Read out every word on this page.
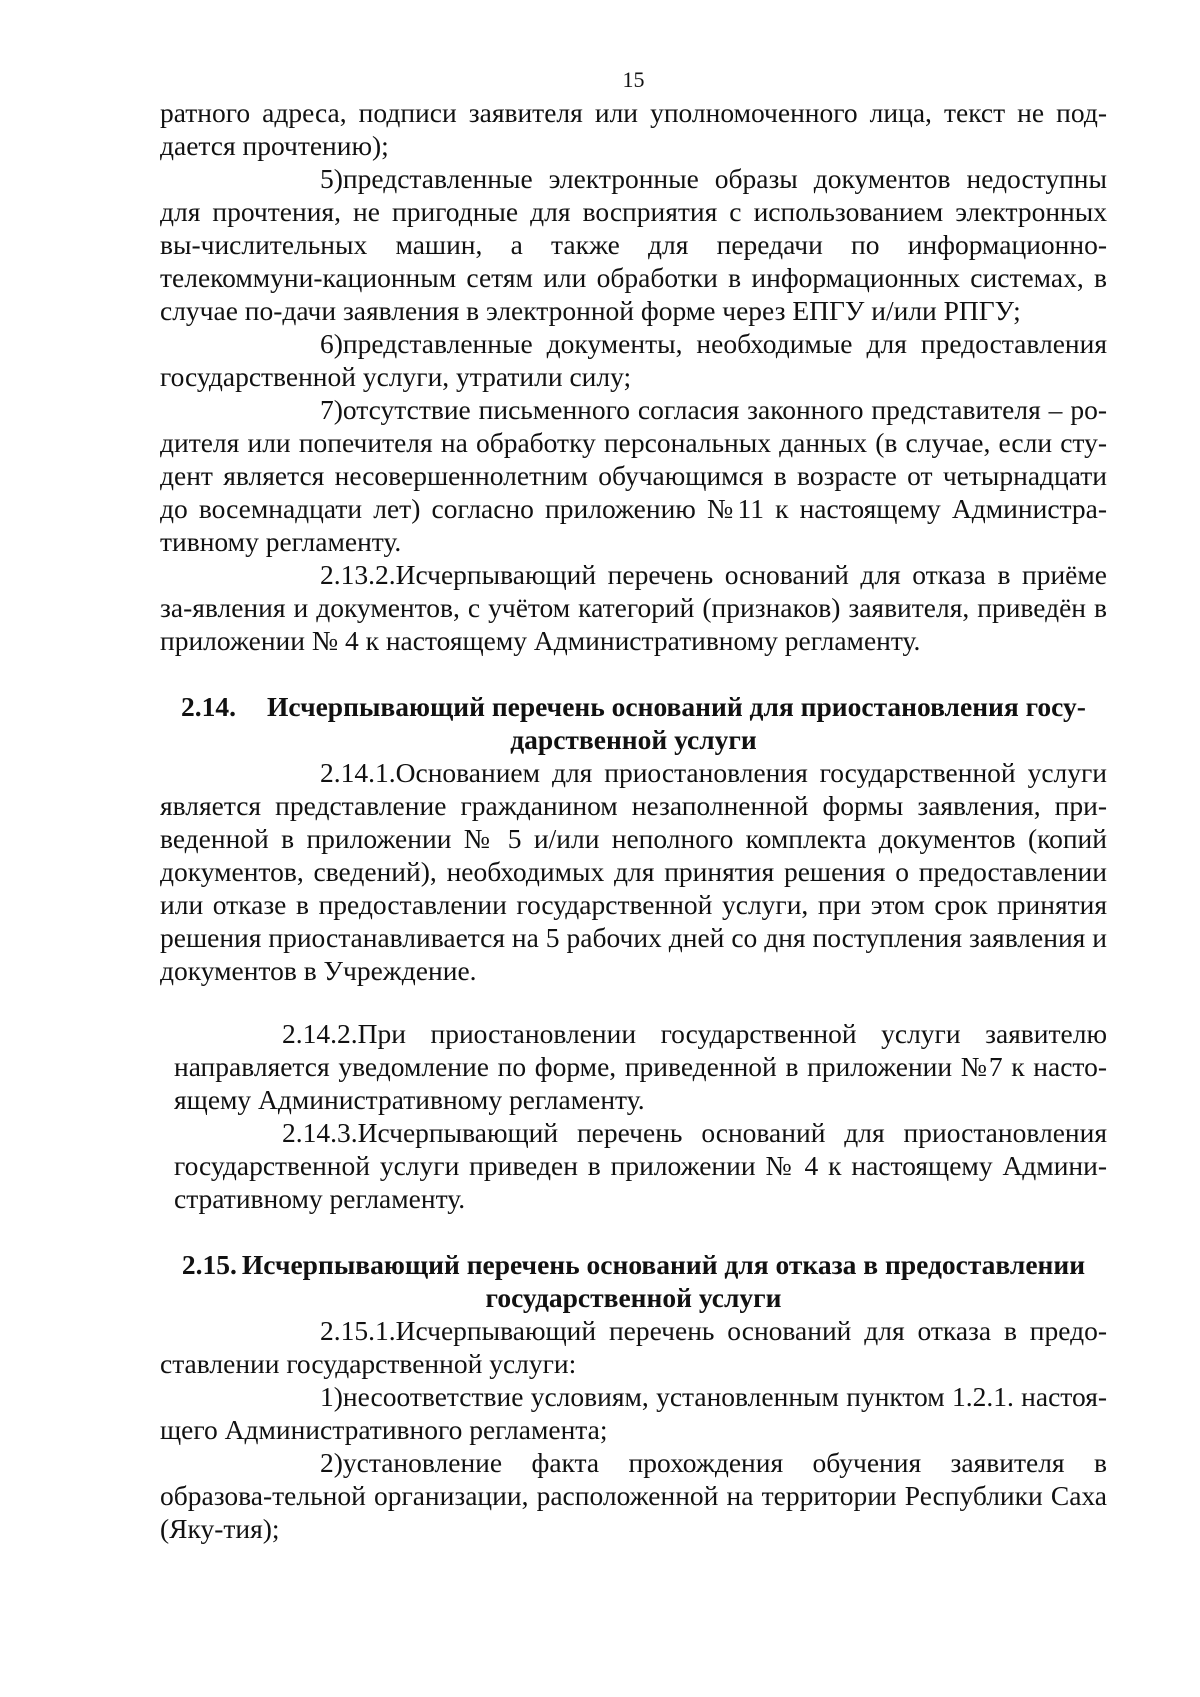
15

ратного адреса, подписи заявителя или уполномоченного лица, текст не под-дается прочтению);

5)представленные электронные образы документов недоступны для прочтения, не пригодные для восприятия с использованием электронных вы-числительных машин, а также для передачи по информационно-телекоммуни-кационным сетям или обработки в информационных системах, в случае по-дачи заявления в электронной форме через ЕПГУ и/или РПГУ;

6)представленные документы, необходимые для предоставления государственной услуги, утратили силу;

7)отсутствие письменного согласия законного представителя – ро-дителя или попечителя на обработку персональных данных (в случае, если сту-дент является несовершеннолетним обучающимся в возрасте от четырнадцати до восемнадцати лет) согласно приложению №11 к настоящему Администра-тивному регламенту.

2.13.2.Исчерпывающий перечень оснований для отказа в приёме за-явления и документов, с учётом категорий (признаков) заявителя, приведён в приложении № 4 к настоящему Административному регламенту.

2.14. Исчерпывающий перечень оснований для приостановления госу-дарственной услуги

2.14.1.Основанием для приостановления государственной услуги является представление гражданином незаполненной формы заявления, при-веденной в приложении № 5 и/или неполного комплекта документов (копий документов, сведений), необходимых для принятия решения о предоставлении или отказе в предоставлении государственной услуги, при этом срок принятия решения приостанавливается на 5 рабочих дней со дня поступления заявления и документов в Учреждение.

2.14.2.При приостановлении государственной услуги заявителю направляется уведомление по форме, приведенной в приложении №7 к насто-ящему Административному регламенту.

2.14.3.Исчерпывающий перечень оснований для приостановления государственной услуги приведен в приложении № 4 к настоящему Админи-стративному регламенту.

2.15. Исчерпывающий перечень оснований для отказа в предоставлении государственной услуги

2.15.1.Исчерпывающий перечень оснований для отказа в предо-ставлении государственной услуги:

1)несоответствие условиям, установленным пунктом 1.2.1. настоя-щего Административного регламента;

2)установление факта прохождения обучения заявителя в образова-тельной организации, расположенной на территории Республики Саха (Яку-тия);
